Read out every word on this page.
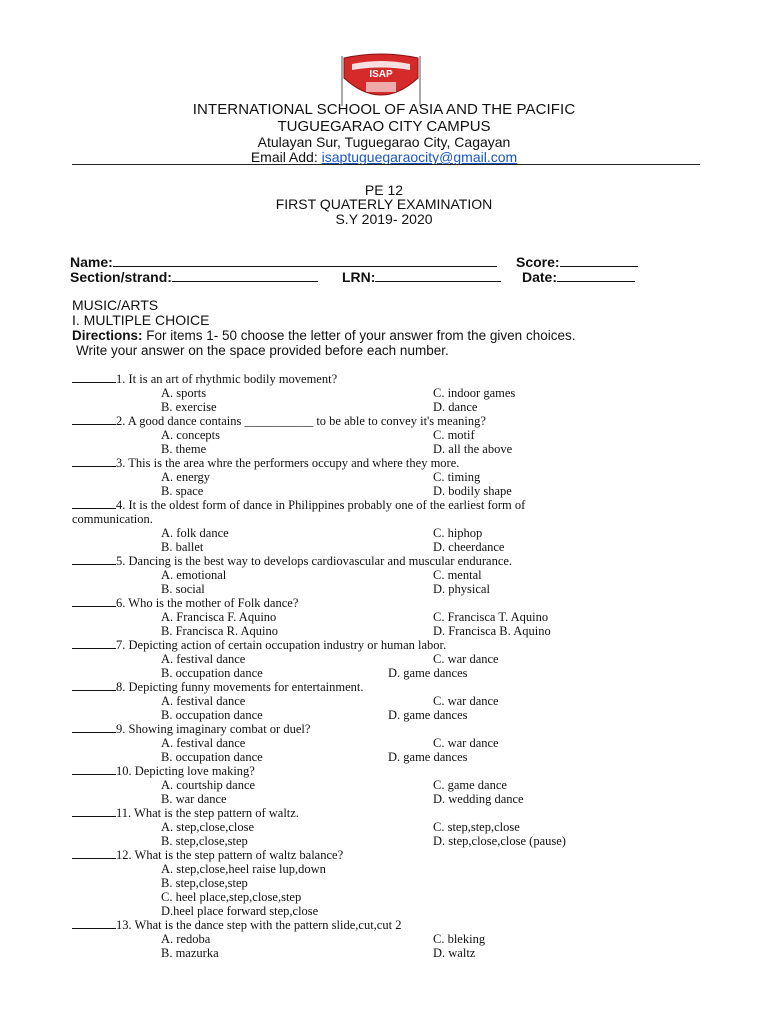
ISAP
INTERNATIONAL SCHOOL OF ASIA AND THE PACIFIC
TUGUEGARAO CITY CAMPUS
Atulayan Sur, Tuguegarao City, Cagayan
Email Add: isaptuguegaraocity@gmail.com
PE 12
FIRST QUATERLY EXAMINATION
S.Y 2019- 2020
Name:	Score:
Section/strand:	LRN:	Date:
MUSIC/ARTS
I. MULTIPLE CHOICE
Directions: For items 1- 50 choose the letter of your answer from the given choices.
Write your answer on the space provided before each number.
1. It is an art of rhythmic bodily movement?
A. sports	C. indoor games
B. exercise	D. dance
2. A good dance contains ___________ to be able to convey it's meaning?
A. concepts	C. motif
B. theme	D. all the above
3. This is the area whre the performers occupy and where they more.
A. energy	C. timing
B. space	D. bodily shape
4. It is the oldest form of dance in Philippines probably one of the earliest form of
communication.
A. folk dance	C. hiphop
B. ballet	D. cheerdance
5. Dancing is the best way to develops cardiovascular and muscular endurance.
A. emotional	C. mental
B. social	D. physical
6. Who is the mother of Folk dance?
A. Francisca F. Aquino	C. Francisca T. Aquino
B. Francisca R. Aquino	D. Francisca B. Aquino
7. Depicting action of certain occupation industry or human labor.
A. festival dance	C. war dance
B. occupation dance	D. game dances
8. Depicting funny movements for entertainment.
A. festival dance	C. war dance
B. occupation dance	D. game dances
9. Showing imaginary combat or duel?
A. festival dance	C. war dance
B. occupation dance	D. game dances
10. Depicting love making?
A. courtship dance	C. game dance
B. war dance	D. wedding dance
11. What is the step pattern of waltz.
A. step,close,close	C. step,step,close
B. step,close,step	D. step,close,close (pause)
12. What is the step pattern of waltz balance?
A. step,close,heel raise lup,down
B. step,close,step
C. heel place,step,close,step
D.heel place forward step,close
13. What is the dance step with the pattern slide,cut,cut 2
A. redoba	C. bleking
B. mazurka	D. waltz
